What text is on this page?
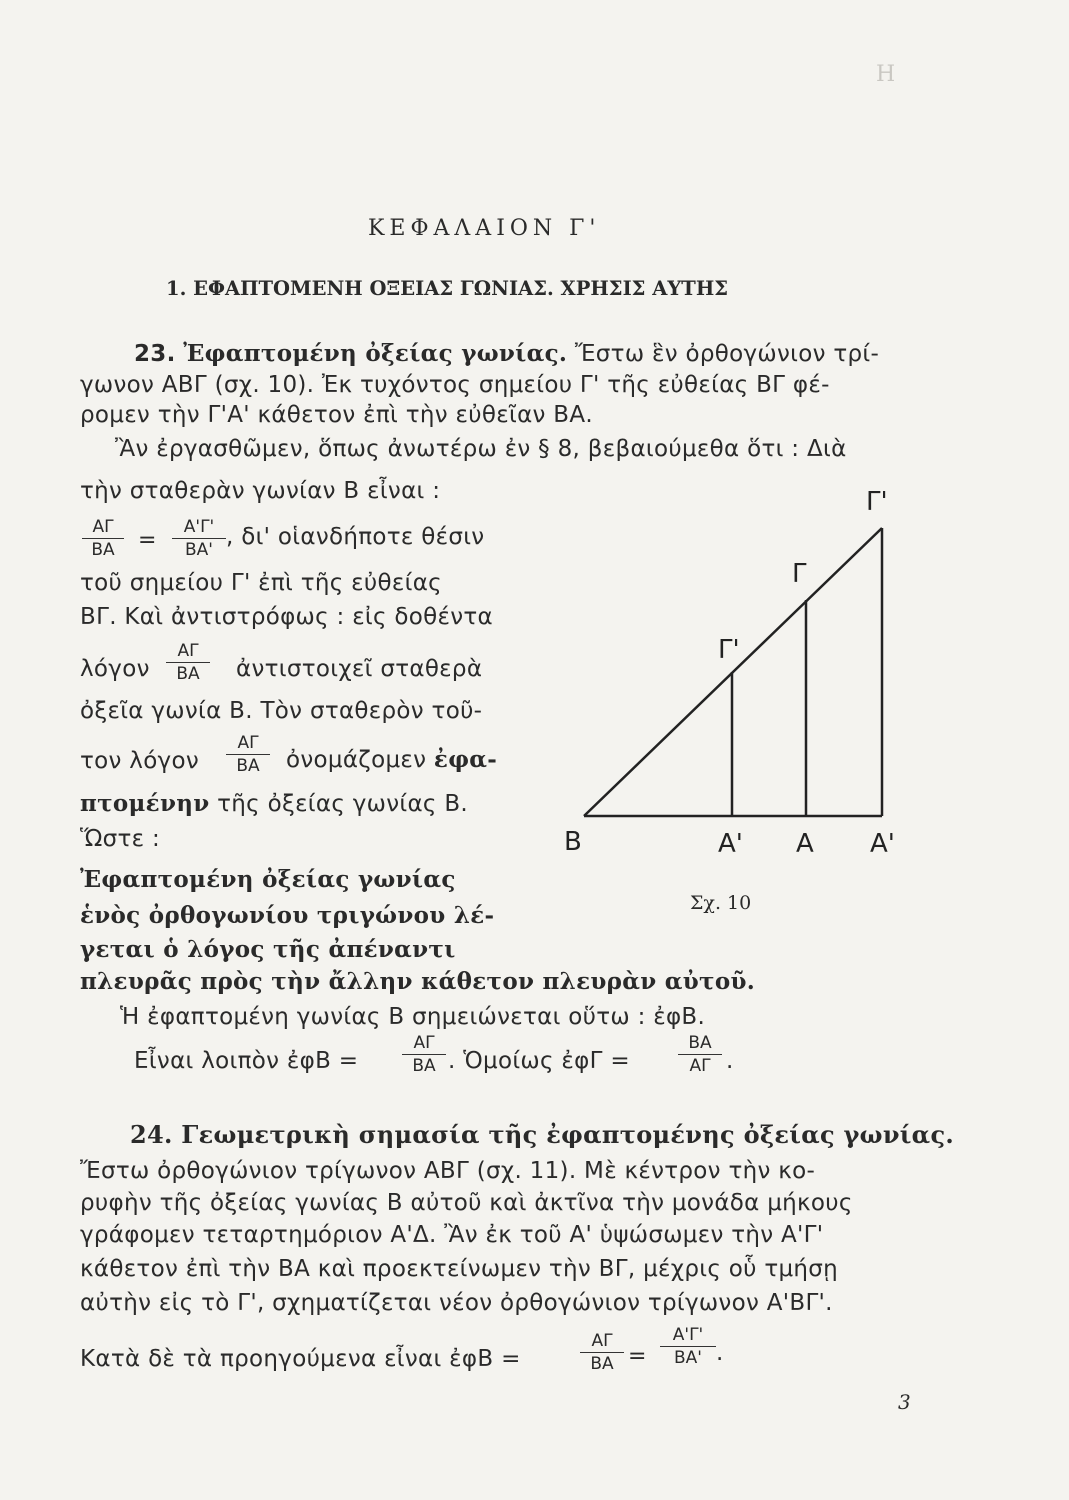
H
ΚΕΦΑΛΑΙΟΝ Γ'
1. ΕΦΑΠΤΟΜΕΝΗ ΟΞΕΙΑΣ ΓΩΝΙΑΣ. ΧΡΗΣΙΣ ΑΥΤΗΣ
23. Ἐφαπτομένη ὀξείας γωνίας. Ἔστω ἓν ὀρθογώνιον τρί-
γωνον ΑΒΓ (σχ. 10). Ἐκ τυχόντος σημείου Γ' τῆς εὐθείας ΒΓ φέ-
ρομεν τὴν Γ'Α' κάθετον ἐπὶ τὴν εὐθεῖαν ΒΑ.
Ἂν ἐργασθῶμεν, ὅπως ἀνωτέρω ἐν § 8, βεβαιούμεθα ὅτι : Διὰ
τὴν σταθερὰν γωνίαν Β εἶναι :
$\frac{A\Gamma}{BA} = \frac{A'\Gamma'}{BA'}$ , δι' οἱανδήποτε θέσιν
τοῦ σημείου Γ' ἐπὶ τῆς εὐθείας
ΒΓ. Καὶ ἀντιστρόφως : εἰς δοθέντα
λόγον $\frac{A\Gamma}{BA}$ ἀντιστοιχεῖ σταθερὰ
ὀξεῖα γωνία Β. Τὸν σταθερὸν τοῦ-
τον λόγον $\frac{A\Gamma}{BA}$ ὀνομάζομεν ἐφα-
πτομένην τῆς ὀξείας γωνίας Β.
Ὥστε :
Ἐφαπτομένη ὀξείας γωνίας
ἑνὸς ὀρθογωνίου τριγώνου λέ-
γεται ὁ λόγος τῆς ἀπέναντι
πλευρᾶς πρὸς τὴν ἄλλην κάθετον πλευρὰν αὐτοῦ.
Ἡ ἐφαπτομένη γωνίας Β σημειώνεται οὕτω : ἐφΒ.
Εἶναι λοιπὸν ἐφΒ =	$\frac{A\Gamma}{BA}$ . Ὁμοίως ἐφΓ =	$\frac{BA}{A\Gamma}$ .
Β	Α' Α Α'
Γ'
Γ
Γ'
Σχ. 10
24. Γεωμετρικὴ σημασία τῆς ἐφαπτομένης ὀξείας γωνίας.
Ἔστω ὀρθογώνιον τρίγωνον ΑΒΓ (σχ. 11). Μὲ κέντρον τὴν κο-
ρυφὴν τῆς ὀξείας γωνίας Β αὐτοῦ καὶ ἀκτῖνα τὴν μονάδα μήκους
γράφομεν τεταρτημόριον Α'Δ. Ἂν ἐκ τοῦ Α' ὑψώσωμεν τὴν Α'Γ'
κάθετον ἐπὶ τὴν ΒΑ καὶ προεκτείνωμεν τὴν ΒΓ, μέχρις οὗ τμήσῃ
αὐτὴν εἰς τὸ Γ', σχηματίζεται νέον ὀρθογώνιον τρίγωνον Α'ΒΓ'.
Κατὰ δὲ τὰ προηγούμενα εἶναι ἐφΒ =	$\frac{A\Gamma}{BA} = \frac{A'\Gamma'}{BA'}$ .
3
